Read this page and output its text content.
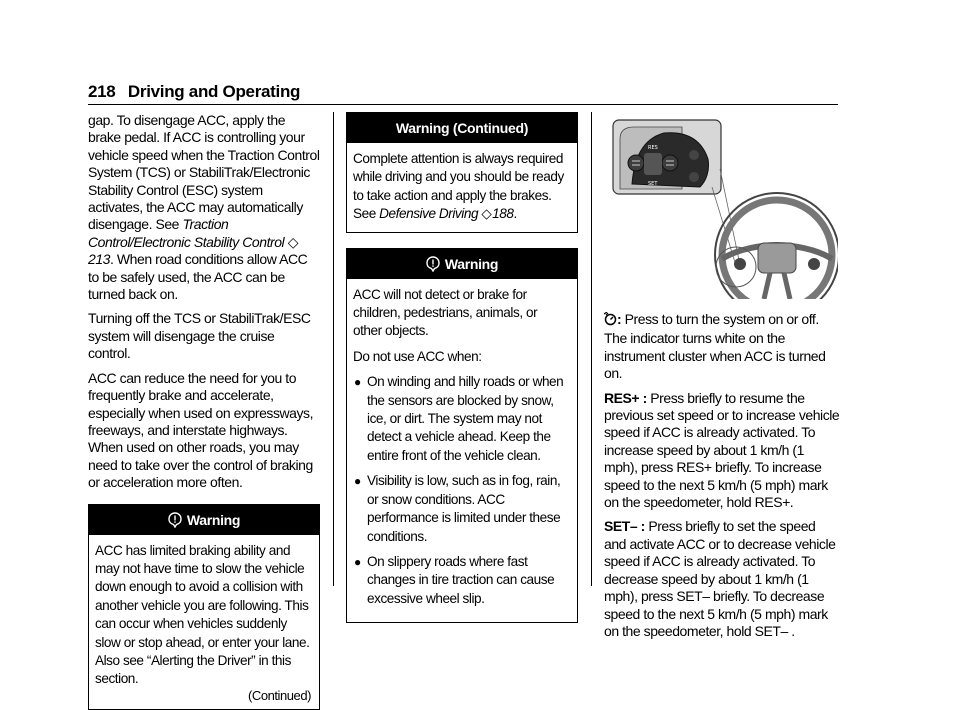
218 Driving and Operating

gap. To disengage ACC, apply the brake pedal. If ACC is controlling your vehicle speed when the Traction Control System (TCS) or StabiliTrak/Electronic Stability Control (ESC) system activates, the ACC may automatically disengage. See Traction Control/Electronic Stability Control ◇ 213. When road conditions allow ACC to be safely used, the ACC can be turned back on.

Turning off the TCS or StabiliTrak/ESC system will disengage the cruise control.

ACC can reduce the need for you to frequently brake and accelerate, especially when used on expressways, freeways, and interstate highways. When used on other roads, you may need to take over the control of braking or acceleration more often.

Warning

ACC has limited braking ability and may not have time to slow the vehicle down enough to avoid a collision with another vehicle you are following. This can occur when vehicles suddenly slow or stop ahead, or enter your lane. Also see “Alerting the Driver” in this section.

(Continued)
Warning (Continued)

Complete attention is always required while driving and you should be ready to take action and apply the brakes. See Defensive Driving ◇ 188.

Warning

ACC will not detect or brake for children, pedestrians, animals, or other objects.

Do not use ACC when:

● On winding and hilly roads or when the sensors are blocked by snow, ice, or dirt. The system may not detect a vehicle ahead. Keep the entire front of the vehicle clean.
● Visibility is low, such as in fog, rain, or snow conditions. ACC performance is limited under these conditions.
● On slippery roads where fast changes in tire traction can cause excessive wheel slip.
RES
SET

: Press to turn the system on or off. The indicator turns white on the instrument cluster when ACC is turned on.

RES+ : Press briefly to resume the previous set speed or to increase vehicle speed if ACC is already activated. To increase speed by about 1 km/h (1 mph), press RES+ briefly. To increase speed to the next 5 km/h (5 mph) mark on the speedometer, hold RES+.

SET– : Press briefly to set the speed and activate ACC or to decrease vehicle speed if ACC is already activated. To decrease speed by about 1 km/h (1 mph), press SET– briefly. To decrease speed to the next 5 km/h (5 mph) mark on the speedometer, hold SET– .
